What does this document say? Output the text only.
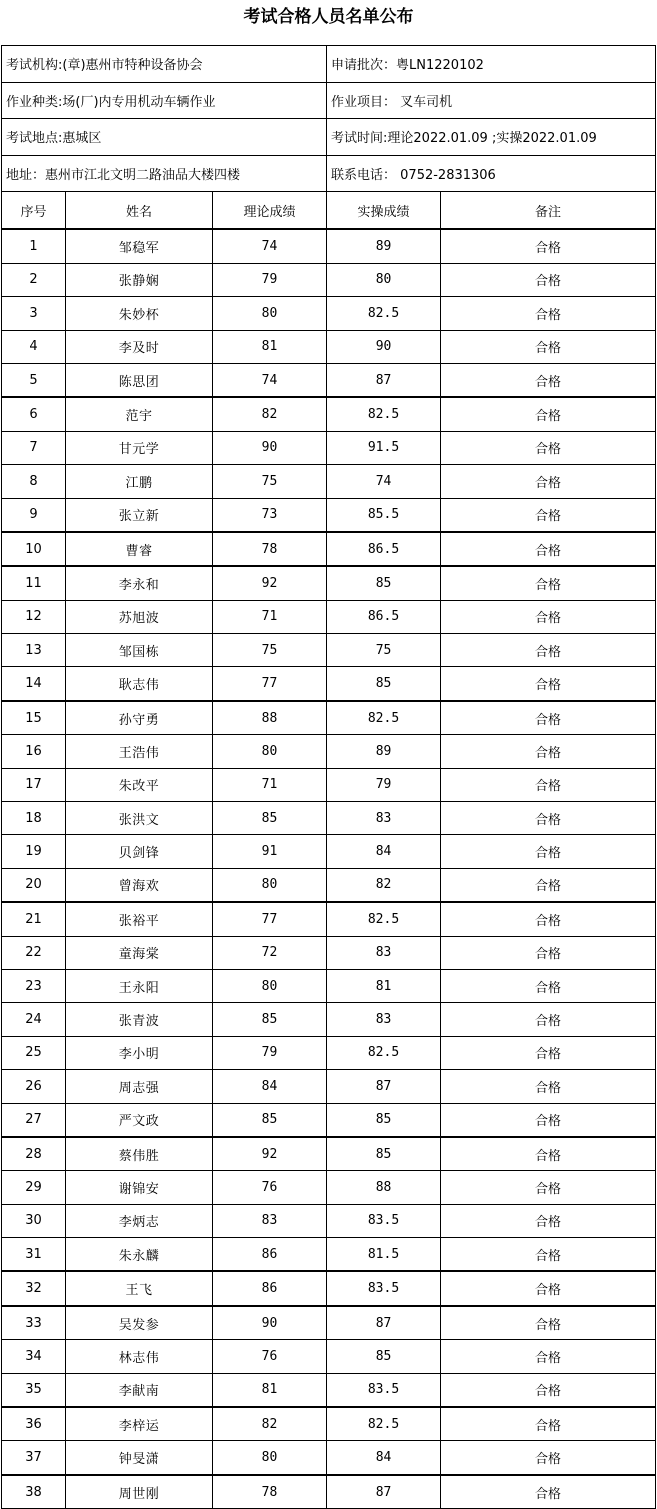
考试合格人员名单公布
考试机构:(章)惠州市特种设备协会			申请批次：粤LN1220102	
作业种类:场(厂)内专用机动车辆作业			作业项目： 叉车司机	
考试地点:惠城区			考试时间:理论2022.01.09 ;实操2022.01.09	
地址：惠州市江北文明二路油品大楼四楼			联系电话： 0752-2831306	
序号	姓名	理论成绩	实操成绩	备注
1	邹稳军	74	89	合格
2	张静娴	79	80	合格
3	朱妙杯	80	82.5	合格
4	李及时	81	90	合格
5	陈思团	74	87	合格
6	范宇	82	82.5	合格
7	甘元学	90	91.5	合格
8	江鹏	75	74	合格
9	张立新	73	85.5	合格
10	曹睿	78	86.5	合格
11	李永和	92	85	合格
12	苏旭波	71	86.5	合格
13	邹国栋	75	75	合格
14	耿志伟	77	85	合格
15	孙守勇	88	82.5	合格
16	王浩伟	80	89	合格
17	朱改平	71	79	合格
18	张洪文	85	83	合格
19	贝剑锋	91	84	合格
20	曾海欢	80	82	合格
21	张裕平	77	82.5	合格
22	童海棠	72	83	合格
23	王永阳	80	81	合格
24	张青波	85	83	合格
25	李小明	79	82.5	合格
26	周志强	84	87	合格
27	严文政	85	85	合格
28	蔡伟胜	92	85	合格
29	谢锦安	76	88	合格
30	李炳志	83	83.5	合格
31	朱永麟	86	81.5	合格
32	王飞	86	83.5	合格
33	吴发参	90	87	合格
34	林志伟	76	85	合格
35	李献南	81	83.5	合格
36	李梓运	82	82.5	合格
37	钟旻潇	80	84	合格
38	周世刚	78	87	合格
